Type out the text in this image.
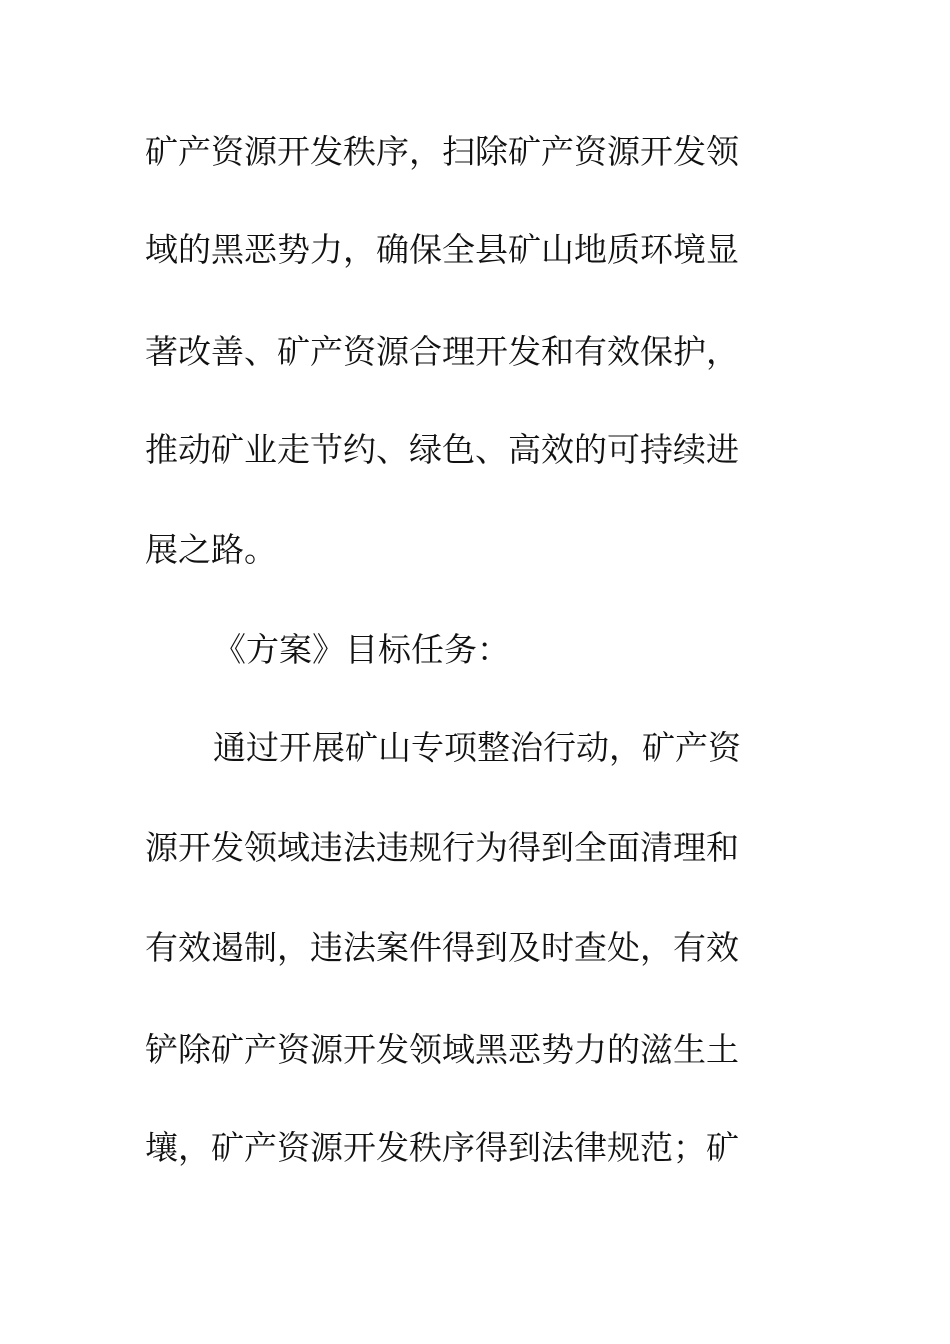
矿产资源开发秩序，扫除矿产资源开发领
域的黑恶势力，确保全县矿山地质环境显
著改善、矿产资源合理开发和有效保护，
推动矿业走节约、绿色、高效的可持续进
展之路。
《方案》目标任务：
通过开展矿山专项整治行动，矿产资
源开发领域违法违规行为得到全面清理和
有效遏制，违法案件得到及时查处，有效
铲除矿产资源开发领域黑恶势力的滋生土
壤，矿产资源开发秩序得到法律规范；矿
